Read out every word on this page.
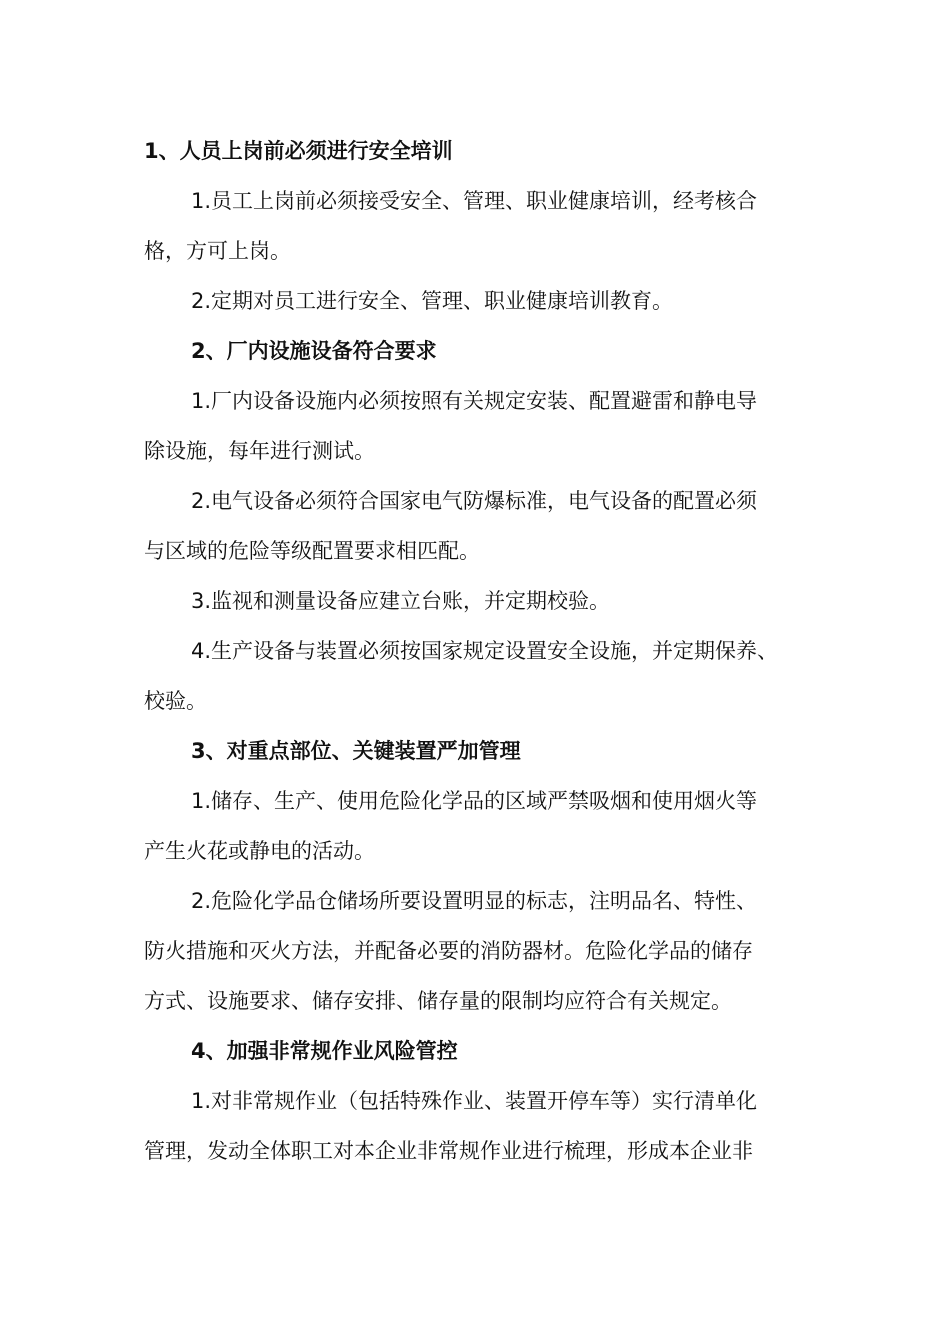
1、人员上岗前必须进行安全培训
1.员工上岗前必须接受安全、管理、职业健康培训，经考核合
格，方可上岗。
2.定期对员工进行安全、管理、职业健康培训教育。
2、厂内设施设备符合要求
1.厂内设备设施内必须按照有关规定安装、配置避雷和静电导
除设施，每年进行测试。
2.电气设备必须符合国家电气防爆标准，电气设备的配置必须
与区域的危险等级配置要求相匹配。
3.监视和测量设备应建立台账，并定期校验。
4.生产设备与装置必须按国家规定设置安全设施，并定期保养、
校验。
3、对重点部位、关键装置严加管理
1.储存、生产、使用危险化学品的区域严禁吸烟和使用烟火等
产生火花或静电的活动。
2.危险化学品仓储场所要设置明显的标志，注明品名、特性、
防火措施和灭火方法，并配备必要的消防器材。危险化学品的储存
方式、设施要求、储存安排、储存量的限制均应符合有关规定。
4、加强非常规作业风险管控
1.对非常规作业（包括特殊作业、装置开停车等）实行清单化
管理，发动全体职工对本企业非常规作业进行梳理，形成本企业非
